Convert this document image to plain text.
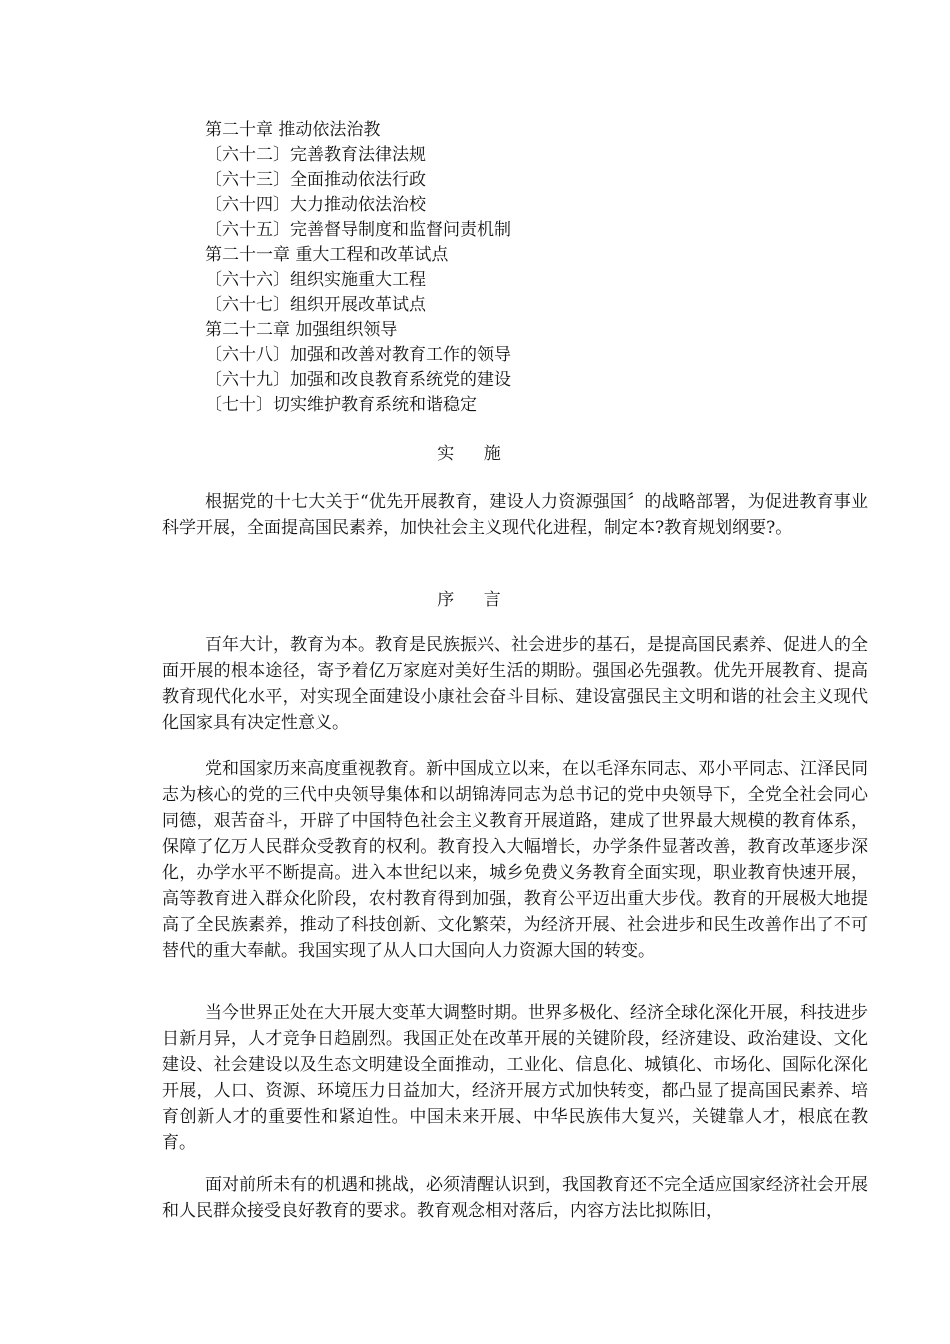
第二十章 推动依法治教
〔六十二〕完善教育法律法规
〔六十三〕全面推动依法行政
〔六十四〕大力推动依法治校
〔六十五〕完善督导制度和监督问责机制
第二十一章 重大工程和改革试点
〔六十六〕组织实施重大工程
〔六十七〕组织开展改革试点
第二十二章 加强组织领导
〔六十八〕加强和改善对教育工作的领导
〔六十九〕加强和改良教育系统党的建设
〔七十〕切实维护教育系统和谐稳定
实 施

根据党的十七大关于“优先开展教育，建设人力资源强国〞的战略部署，为促进教育事业科学开展，全面提高国民素养，加快社会主义现代化进程，制定本?教育规划纲要?。

序 言

百年大计，教育为本。教育是民族振兴、社会进步的基石，是提高国民素养、促进人的全面开展的根本途径，寄予着亿万家庭对美好生活的期盼。强国必先强教。优先开展教育、提高教育现代化水平，对实现全面建设小康社会奋斗目标、建设富强民主文明和谐的社会主义现代化国家具有决定性意义。

党和国家历来高度重视教育。新中国成立以来，在以毛泽东同志、邓小平同志、江泽民同志为核心的党的三代中央领导集体和以胡锦涛同志为总书记的党中央领导下，全党全社会同心同德，艰苦奋斗，开辟了中国特色社会主义教育开展道路，建成了世界最大规模的教育体系，保障了亿万人民群众受教育的权利。教育投入大幅增长，办学条件显著改善，教育改革逐步深化，办学水平不断提高。进入本世纪以来，城乡免费义务教育全面实现，职业教育快速开展，高等教育进入群众化阶段，农村教育得到加强，教育公平迈出重大步伐。教育的开展极大地提高了全民族素养，推动了科技创新、文化繁荣，为经济开展、社会进步和民生改善作出了不可替代的重大奉献。我国实现了从人口大国向人力资源大国的转变。

当今世界正处在大开展大变革大调整时期。世界多极化、经济全球化深化开展，科技进步日新月异，人才竞争日趋剧烈。我国正处在改革开展的关键阶段，经济建设、政治建设、文化建设、社会建设以及生态文明建设全面推动，工业化、信息化、城镇化、市场化、国际化深化开展，人口、资源、环境压力日益加大，经济开展方式加快转变，都凸显了提高国民素养、培育创新人才的重要性和紧迫性。中国未来开展、中华民族伟大复兴，关键靠人才，根底在教育。

面对前所未有的机遇和挑战，必须清醒认识到，我国教育还不完全适应国家经济社会开展和人民群众接受良好教育的要求。教育观念相对落后，内容方法比拟陈旧，
